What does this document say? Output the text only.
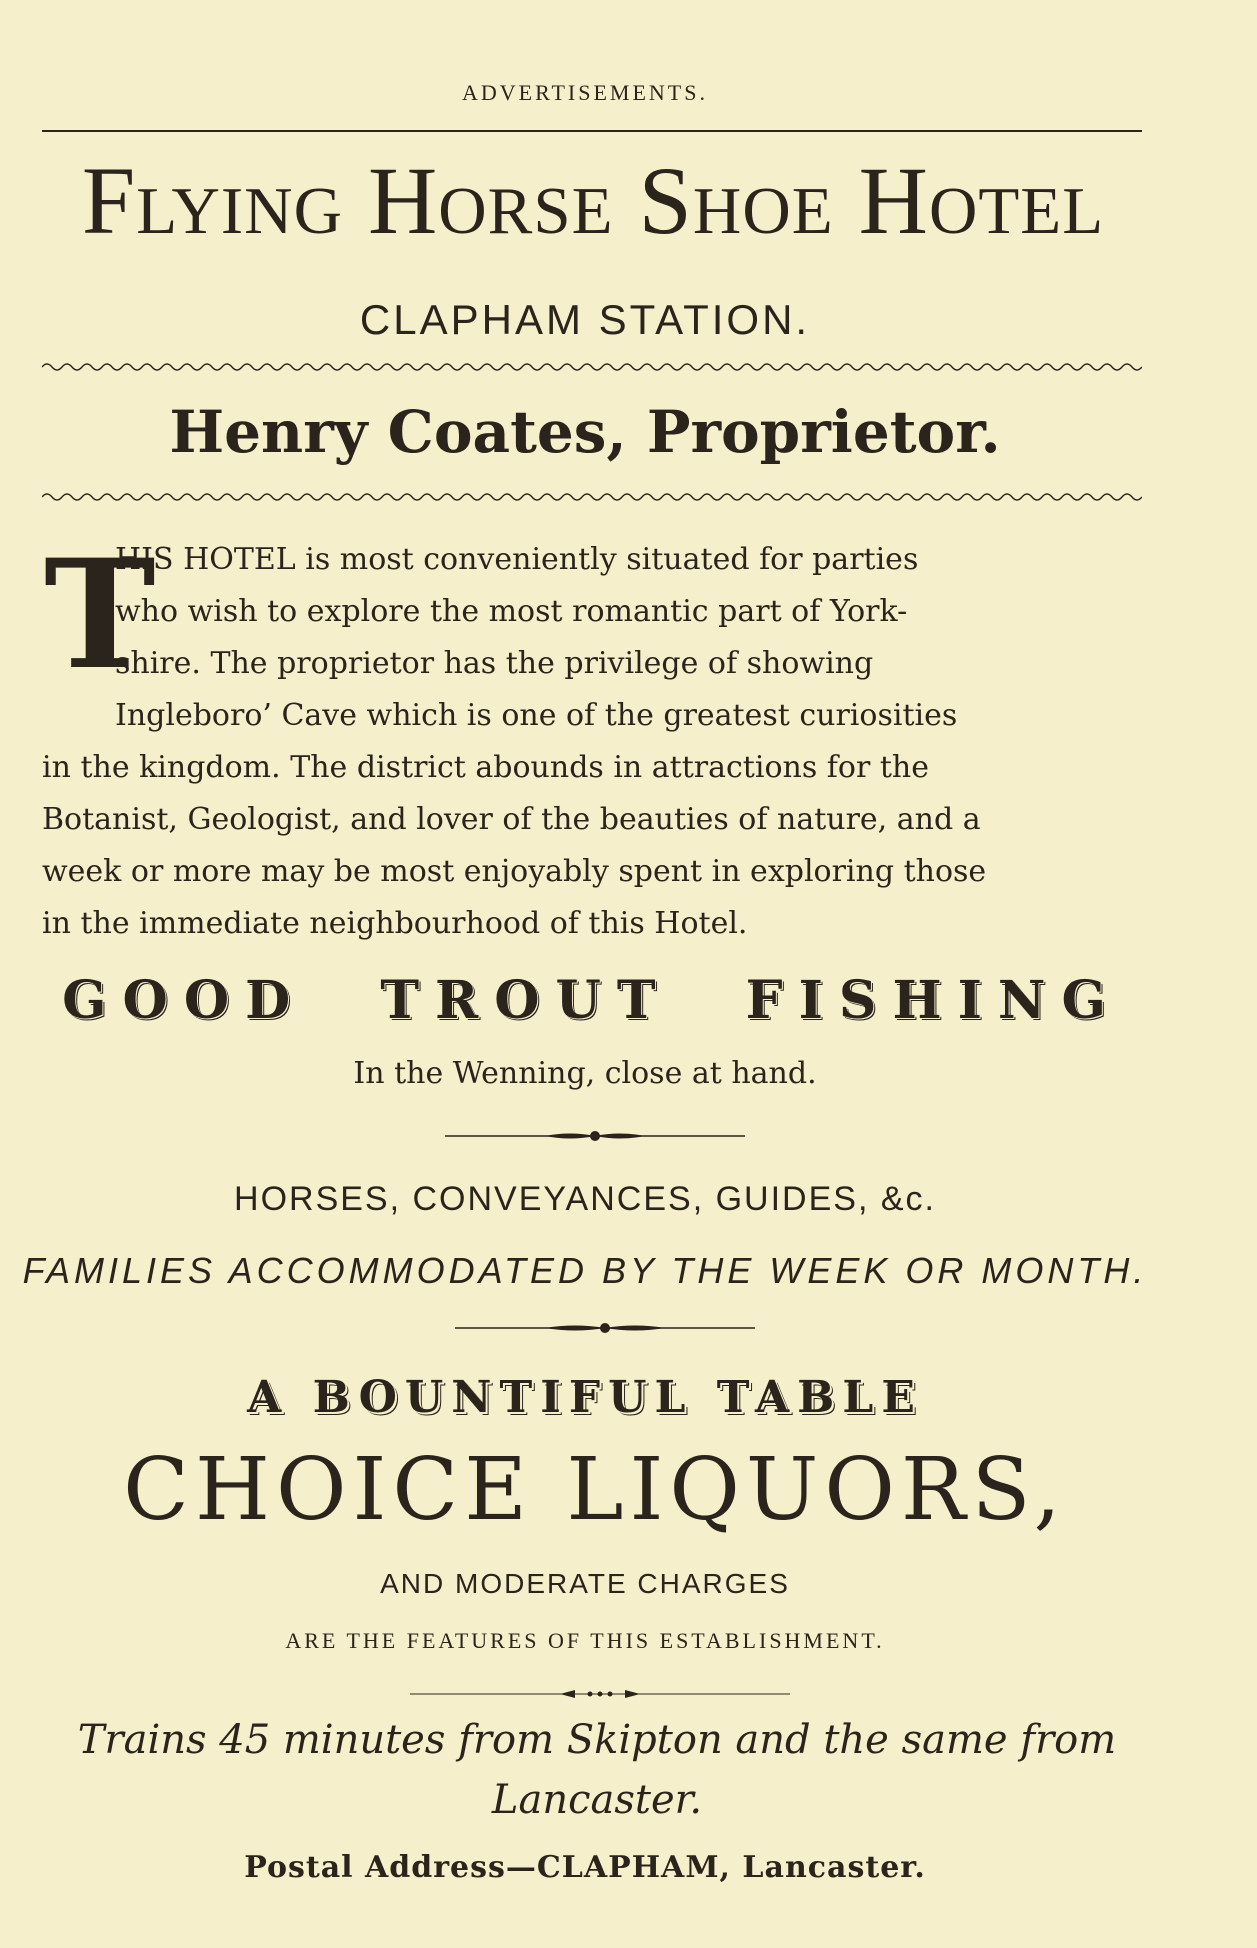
ADVERTISEMENTS.
Flying Horse Shoe Hotel
CLAPHAM STATION.
Henry Coates, Proprietor.
T
HIS HOTEL is most conveniently situated for parties
who wish to explore the most romantic part of York-
shire. The proprietor has the privilege of showing
Ingleboro’ Cave which is one of the greatest curiosities
in the kingdom. The district abounds in attractions for the
Botanist, Geologist, and lover of the beauties of nature, and a
week or more may be most enjoyably spent in exploring those
in the immediate neighbourhood of this Hotel.
GOOD TROUT FISHING
In the Wenning, close at hand.
HORSES, CONVEYANCES, GUIDES, &c.
FAMILIES ACCOMMODATED BY THE WEEK OR MONTH.
A BOUNTIFUL TABLE
CHOICE LIQUORS,
AND MODERATE CHARGES
ARE THE FEATURES OF THIS ESTABLISHMENT.
Trains 45 minutes from Skipton and the same from Lancaster.
Postal Address—CLAPHAM, Lancaster.
